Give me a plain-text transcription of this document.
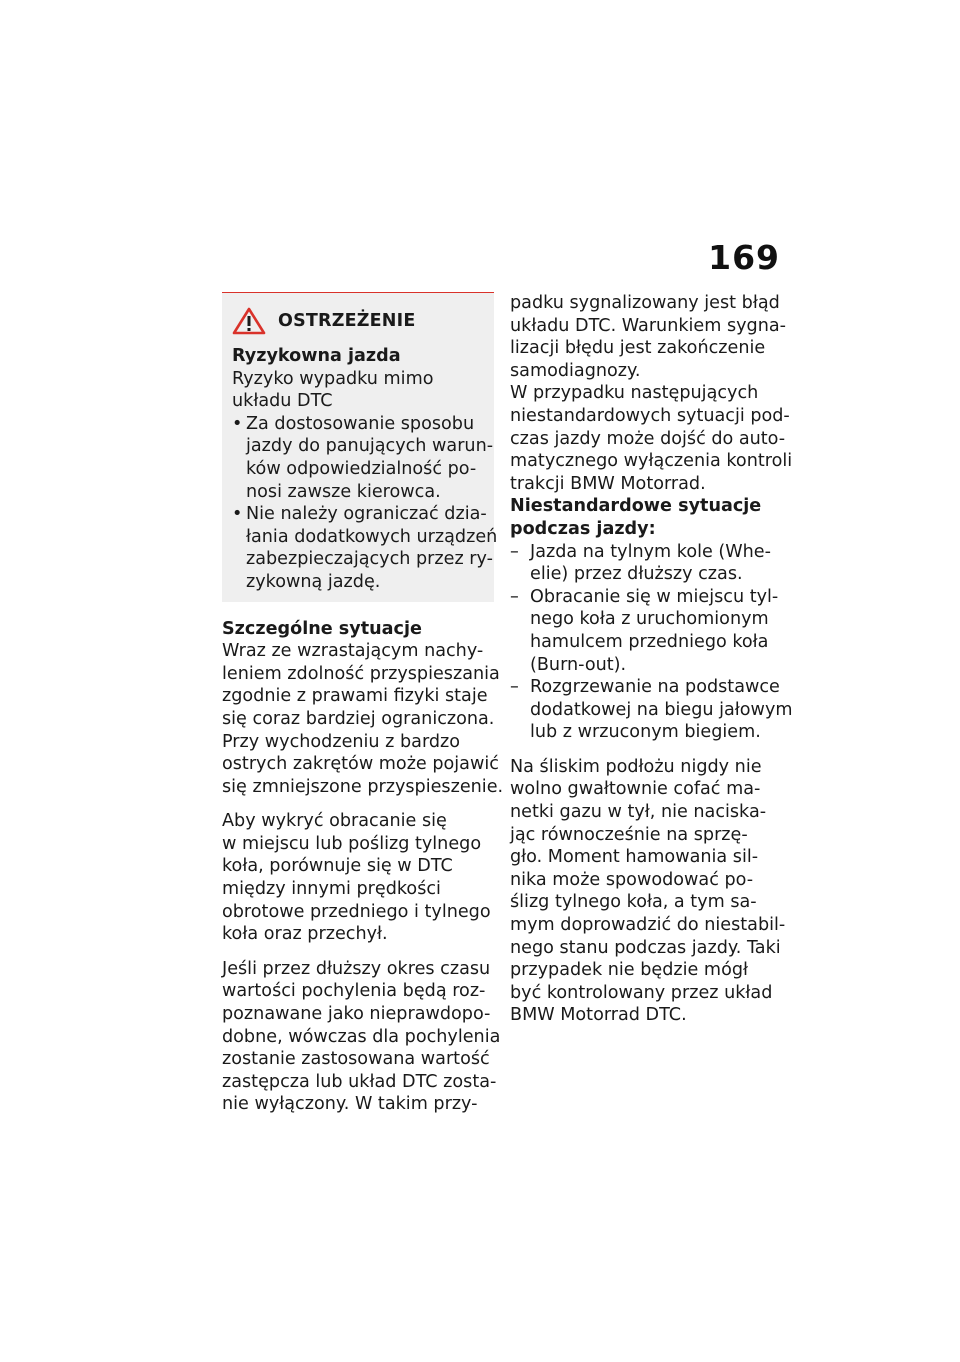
169
OSTRZEŻENIE
Ryzykowna jazda
Ryzyko wypadku mimo
układu DTC
• Za dostosowanie sposobu
jazdy do panujących warun-
ków odpowiedzialność po-
nosi zawsze kierowca.
• Nie należy ograniczać dzia-
łania dodatkowych urządzeń
zabezpieczających przez ry-
zykowną jazdę.
Szczególne sytuacje
Wraz ze wzrastającym nachy-
leniem zdolność przyspieszania
zgodnie z prawami fizyki staje
się coraz bardziej ograniczona.
Przy wychodzeniu z bardzo
ostrych zakrętów może pojawić
się zmniejszone przyspieszenie.
Aby wykryć obracanie się
w miejscu lub poślizg tylnego
koła, porównuje się w DTC
między innymi prędkości
obrotowe przedniego i tylnego
koła oraz przechył.
Jeśli przez dłuższy okres czasu
wartości pochylenia będą roz-
poznawane jako nieprawdopo-
dobne, wówczas dla pochylenia
zostanie zastosowana wartość
zastępcza lub układ DTC zosta-
nie wyłączony. W takim przy-
padku sygnalizowany jest błąd
układu DTC. Warunkiem sygna-
lizacji błędu jest zakończenie
samodiagnozy.
W przypadku następujących
niestandardowych sytuacji pod-
czas jazdy może dojść do auto-
matycznego wyłączenia kontroli
trakcji BMW Motorrad.
Niestandardowe sytuacje
podczas jazdy:
– Jazda na tylnym kole (Whe-
elie) przez dłuższy czas.
– Obracanie się w miejscu tyl-
nego koła z uruchomionym
hamulcem przedniego koła
(Burn-out).
– Rozgrzewanie na podstawce
dodatkowej na biegu jałowym
lub z wrzuconym biegiem.
Na śliskim podłożu nigdy nie
wolno gwałtownie cofać ma-
netki gazu w tył, nie naciska-
jąc równocześnie na sprzę-
gło. Moment hamowania sil-
nika może spowodować po-
ślizg tylnego koła, a tym sa-
mym doprowadzić do niestabil-
nego stanu podczas jazdy. Taki
przypadek nie będzie mógł
być kontrolowany przez układ
BMW Motorrad DTC.
